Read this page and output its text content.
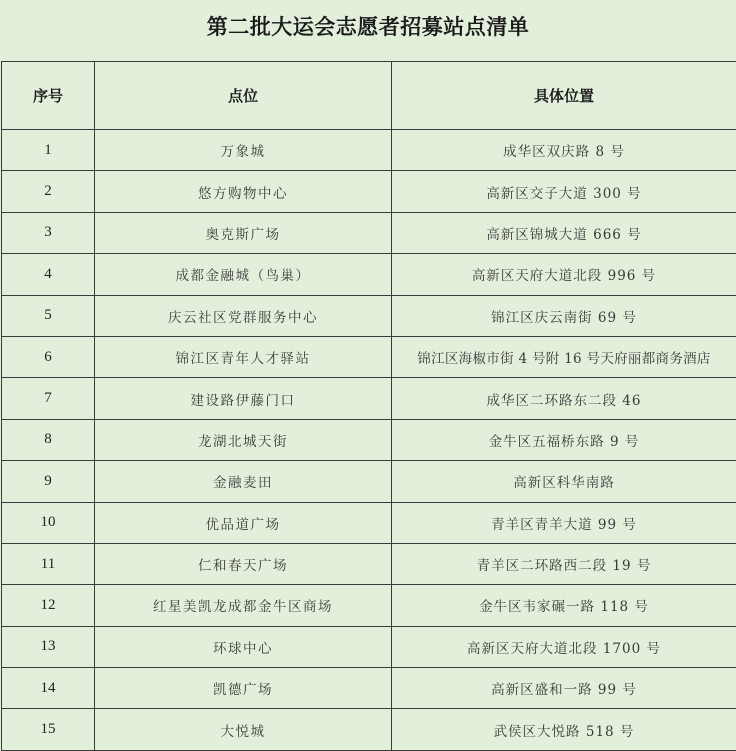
第二批大运会志愿者招募站点清单
序号	点位	具体位置
1	万象城	成华区双庆路 8 号
2	悠方购物中心	高新区交子大道 300 号
3	奥克斯广场	高新区锦城大道 666 号
4	成都金融城（鸟巢）	高新区天府大道北段 996 号
5	庆云社区党群服务中心	锦江区庆云南街 69 号
6	锦江区青年人才驿站	锦江区海椒市街 4 号附 16 号天府丽都商务酒店
7	建设路伊藤门口	成华区二环路东二段 46
8	龙湖北城天街	金牛区五福桥东路 9 号
9	金融麦田	高新区科华南路
10	优品道广场	青羊区青羊大道 99 号
11	仁和春天广场	青羊区二环路西二段 19 号
12	红星美凯龙成都金牛区商场	金牛区韦家碾一路 118 号
13	环球中心	高新区天府大道北段 1700 号
14	凯德广场	高新区盛和一路 99 号
15	大悦城	武侯区大悦路 518 号
